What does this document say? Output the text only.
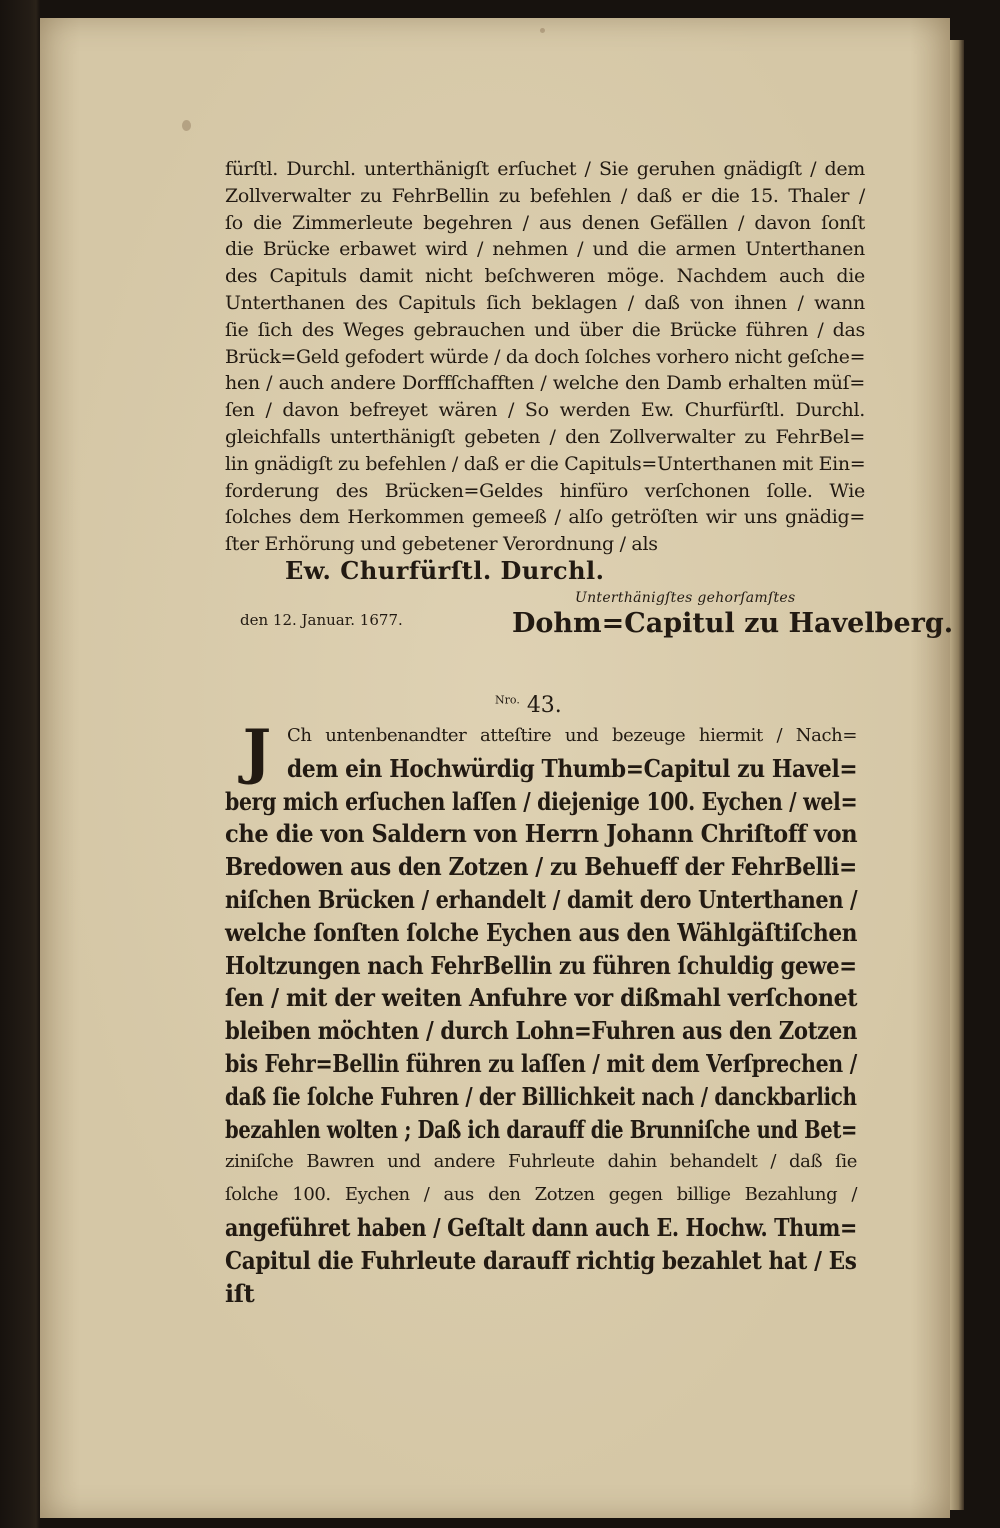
fürſtl. Durchl. unterthänigſt erſuchet / Sie geruhen gnädigſt / dem
Zollverwalter zu FehrBellin zu befehlen / daß er die 15. Thaler /
ſo die Zimmerleute begehren / aus denen Gefällen / davon ſonſt
die Brücke erbawet wird / nehmen / und die armen Unterthanen
des Capituls damit nicht beſchweren möge. Nachdem auch die
Unterthanen des Capituls ſich beklagen / daß von ihnen / wann
ſie ſich des Weges gebrauchen und über die Brücke führen / das
Brück=Geld gefodert würde / da doch ſolches vorhero nicht geſche=
hen / auch andere Dorffſchafften / welche den Damb erhalten müſ=
ſen / davon befreyet wären / So werden Ew. Churfürſtl. Durchl.
gleichfalls unterthänigſt gebeten / den Zollverwalter zu FehrBel=
lin gnädigſt zu befehlen / daß er die Capituls=Unterthanen mit Ein=
forderung des Brücken=Geldes hinfüro verſchonen ſolle. Wie
ſolches dem Herkommen gemeeß / alſo getröſten wir uns gnädig=
ſter Erhörung und gebetener Verordnung / als
Ew. Churfürſtl. Durchl.
Unterthänigſtes gehorſamſtes
den 12. Januar. 1677.	Dohm=Capitul zu Havelberg.
$^{Nro.}$ 43.
J Ch untenbenandter atteſtire und bezeuge hiermit / Nach=
dem ein Hochwürdig Thumb=Capitul zu Havel=
berg mich erſuchen laſſen / diejenige 100. Eychen / wel=
che die von Saldern von Herrn Johann Chriſtoff von
Bredowen aus den Zotzen / zu Behueff der FehrBelli=
niſchen Brücken / erhandelt / damit dero Unterthanen /
welche ſonſten ſolche Eychen aus den Wählgäſtiſchen
Holtzungen nach FehrBellin zu führen ſchuldig gewe=
ſen / mit der weiten Anfuhre vor dißmahl verſchonet
bleiben möchten / durch Lohn=Fuhren aus den Zotzen
bis Fehr=Bellin führen zu laſſen / mit dem Verſprechen /
daß ſie ſolche Fuhren / der Billichkeit nach / danckbarlich
bezahlen wolten ; Daß ich darauff die Brunniſche und Bet=
ziniſche Bawren und andere Fuhrleute dahin behandelt / daß ſie
ſolche 100. Eychen / aus den Zotzen gegen billige Bezahlung /
angeführet haben / Geſtalt dann auch E. Hochw. Thum=
Capitul die Fuhrleute darauff richtig bezahlet hat / Es
iſt
